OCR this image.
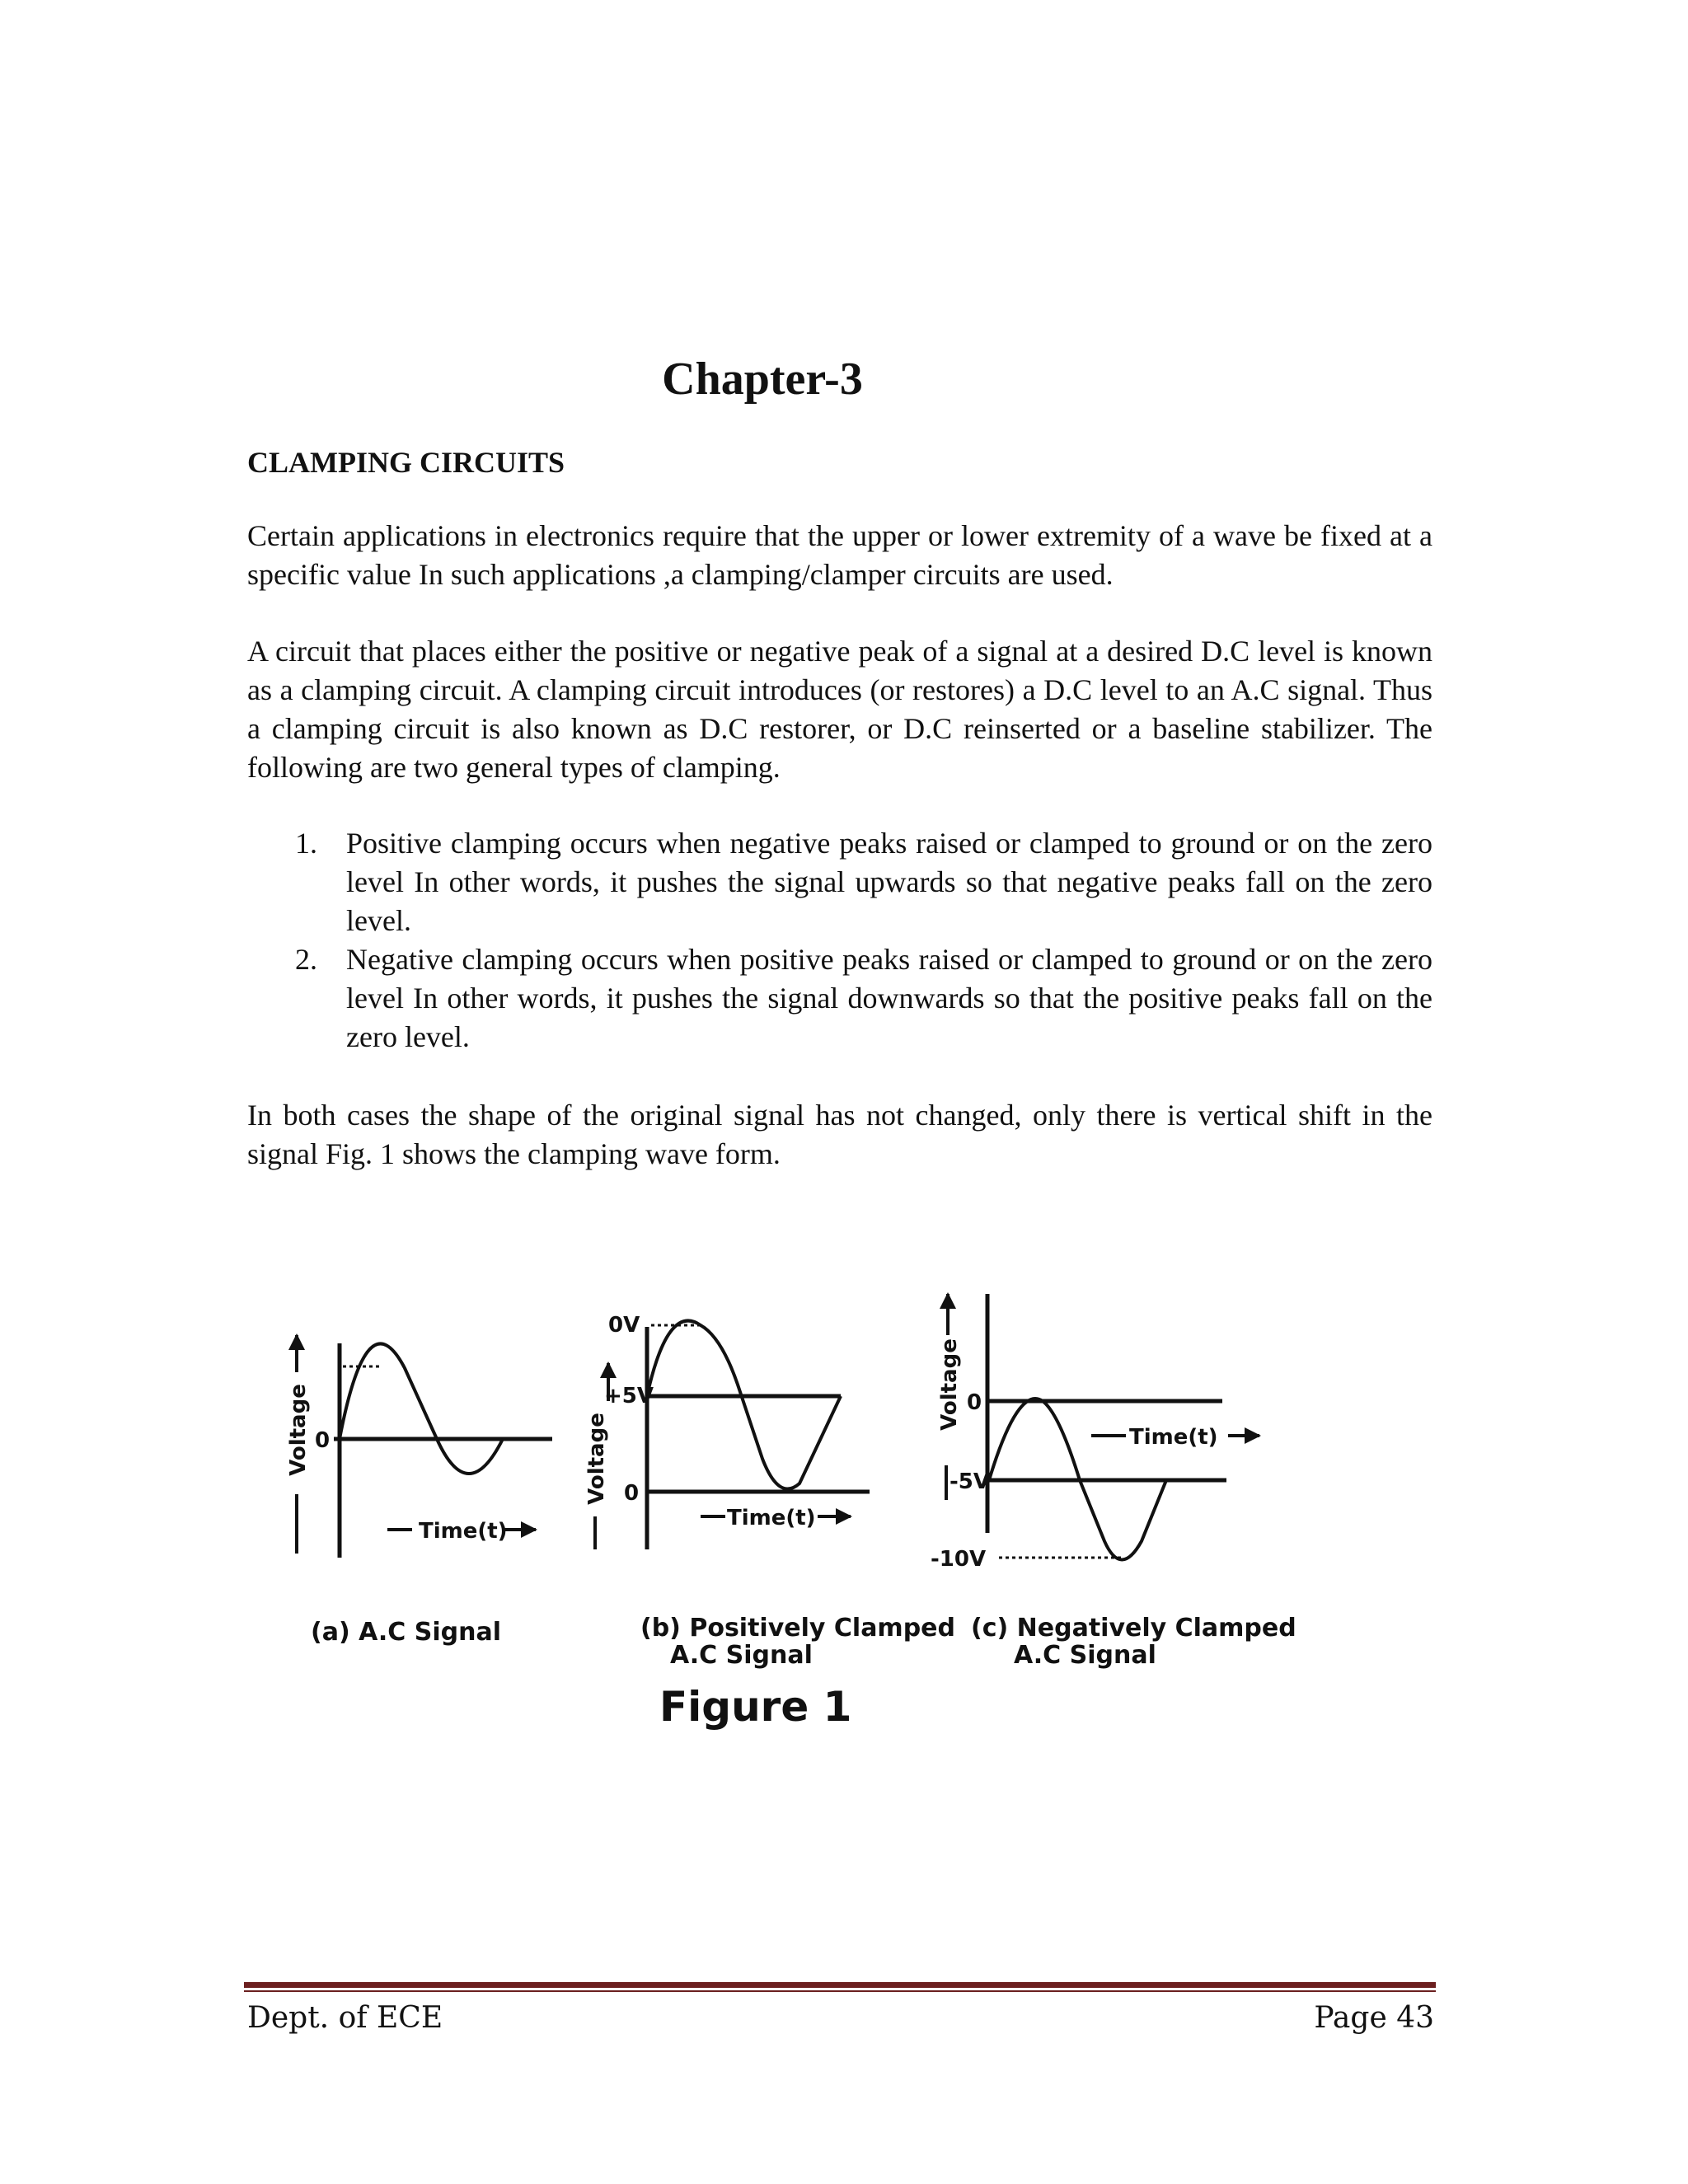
Chapter-3
CLAMPING CIRCUITS

Certain applications in electronics require that the upper or lower extremity of a wave be fixed at a specific value In such applications ,a clamping/clamper circuits are used.

A circuit that places either the positive or negative peak of a signal at a desired D.C level is known as a clamping circuit. A clamping circuit introduces (or restores) a D.C level to an A.C signal. Thus a clamping circuit is also known as D.C restorer, or D.C reinserted or a baseline stabilizer. The following are two general types of clamping.

1. Positive clamping occurs when negative peaks raised or clamped to ground or on the zero level In other words, it pushes the signal upwards so that negative peaks fall on the zero level.
2. Negative clamping occurs when positive peaks raised or clamped to ground or on the zero level In other words, it pushes the signal downwards so that the positive peaks fall on the zero level.

In both cases the shape of the original signal has not changed, only there is vertical shift in the signal Fig. 1 shows the clamping wave form.

0
Voltage
Time(t)
(a) A.C Signal
0V
+5V
0
Voltage
Time(t)
(b) Positively Clamped
A.C Signal
0
-5V
-10V
Voltage
Time(t)
(c) Negatively Clamped
A.C Signal
Figure 1
Dept. of ECE	Page 43
